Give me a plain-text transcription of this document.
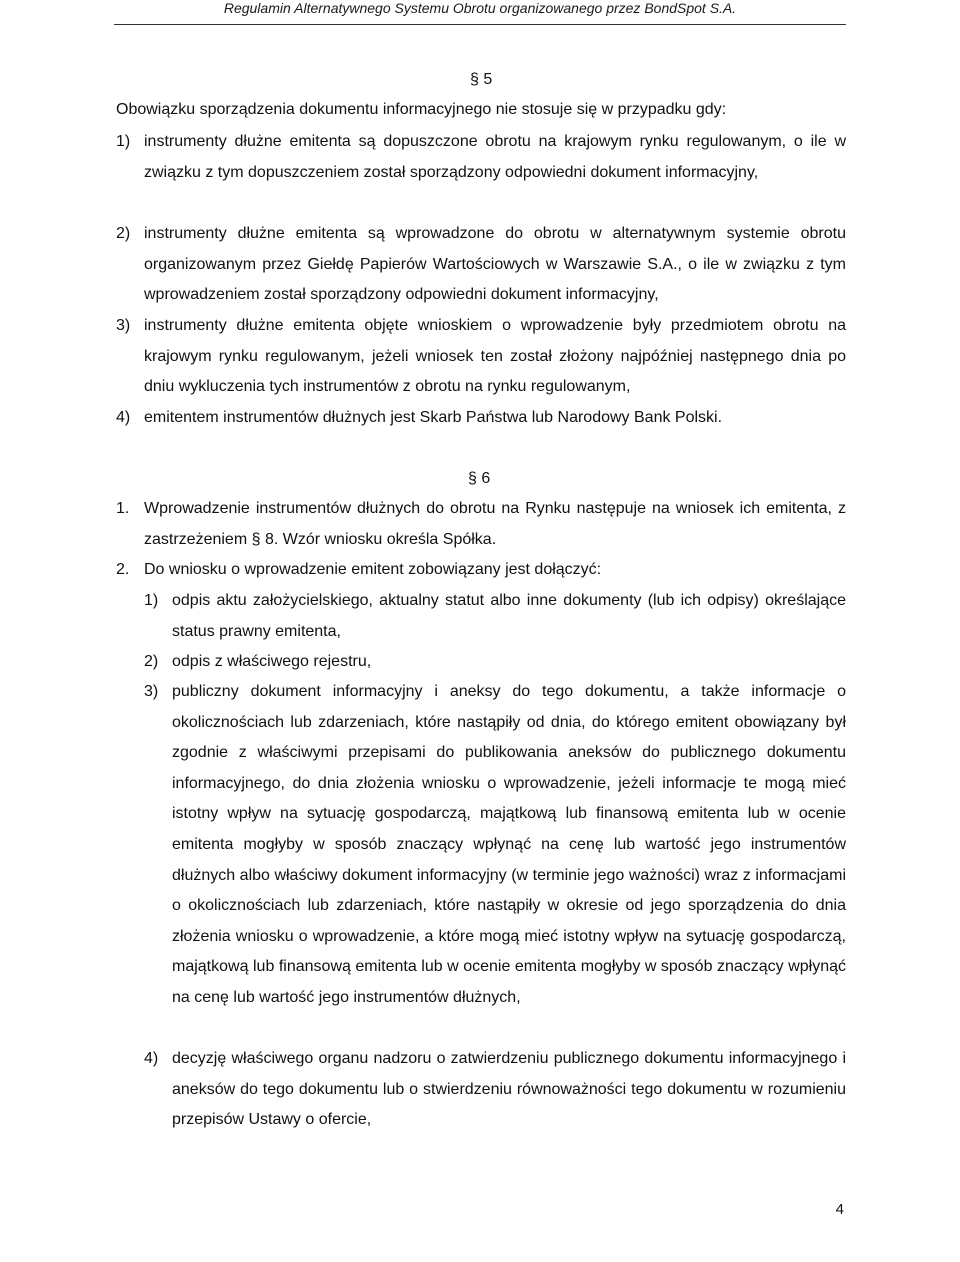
Regulamin Alternatywnego Systemu Obrotu organizowanego przez BondSpot S.A.
§ 5

Obowiązku sporządzenia dokumentu informacyjnego nie stosuje się w przypadku gdy:

1) instrumenty dłużne emitenta są dopuszczone obrotu na krajowym rynku regulowanym, o ile w związku z tym dopuszczeniem został sporządzony odpowiedni dokument informacyjny,

2) instrumenty dłużne emitenta są wprowadzone do obrotu w alternatywnym systemie obrotu organizowanym przez Giełdę Papierów Wartościowych w Warszawie S.A., o ile w związku z tym wprowadzeniem został sporządzony odpowiedni dokument informacyjny,

3) instrumenty dłużne emitenta objęte wnioskiem o wprowadzenie były przedmiotem obrotu na krajowym rynku regulowanym, jeżeli wniosek ten został złożony najpóźniej następnego dnia po dniu wykluczenia tych instrumentów z obrotu na rynku regulowanym,

4) emitentem instrumentów dłużnych jest Skarb Państwa lub Narodowy Bank Polski.

§ 6
1. Wprowadzenie instrumentów dłużnych do obrotu na Rynku następuje na wniosek ich emitenta, z zastrzeżeniem § 8. Wzór wniosku określa Spółka.

2. Do wniosku o wprowadzenie emitent zobowiązany jest dołączyć:

1) odpis aktu założycielskiego, aktualny statut albo inne dokumenty (lub ich odpisy) określające status prawny emitenta,

2) odpis z właściwego rejestru,

3) publiczny dokument informacyjny i aneksy do tego dokumentu, a także informacje o okolicznościach lub zdarzeniach, które nastąpiły od dnia, do którego emitent obowiązany był zgodnie z właściwymi przepisami do publikowania aneksów do publicznego dokumentu informacyjnego, do dnia złożenia wniosku o wprowadzenie, jeżeli informacje te mogą mieć istotny wpływ na sytuację gospodarczą, majątkową lub finansową emitenta lub w ocenie emitenta mogłyby w sposób znaczący wpłynąć na cenę lub wartość jego instrumentów dłużnych albo właściwy dokument informacyjny (w terminie jego ważności) wraz z informacjami o okolicznościach lub zdarzeniach, które nastąpiły w okresie od jego sporządzenia do dnia złożenia wniosku o wprowadzenie, a które mogą mieć istotny wpływ na sytuację gospodarczą, majątkową lub finansową emitenta lub w ocenie emitenta mogłyby w sposób znaczący wpłynąć na cenę lub wartość jego instrumentów dłużnych,

4) decyzję właściwego organu nadzoru o zatwierdzeniu publicznego dokumentu informacyjnego i aneksów do tego dokumentu lub o stwierdzeniu równoważności tego dokumentu w rozumieniu przepisów Ustawy o ofercie,

4
